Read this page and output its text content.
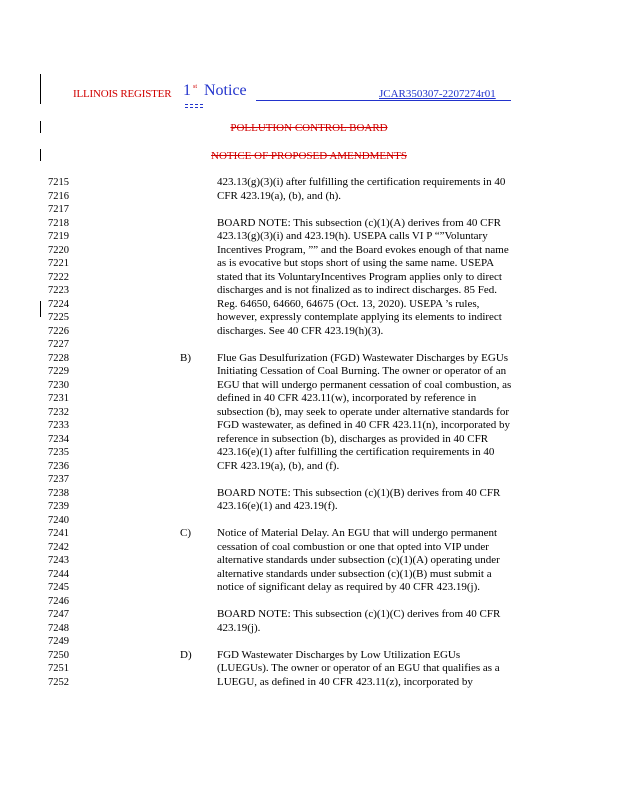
ILLINOIS REGISTER 1 st Notice	JCAR350307-2207274r01
POLLUTION CONTROL BOARD
NOTICE OF PROPOSED AMENDMENTS
7215	423.13(g)(3)(i) after fulfilling the certification requirements in 40
7216	CFR 423.19(a), (b), and (h).
7217
7218	BOARD NOTE: This subsection (c)(1)(A) derives from 40 CFR
7219	423.13(g)(3)(i) and 423.19(h). USEPA calls VI P “”Voluntary
7220	Incentives Program, ”” and the Board evokes enough of that name
7221	as is evocative but stops short of using the same name. USEPA
7222	stated that its VoluntaryIncentives Program applies only to direct
7223	discharges and is not finalized as to indirect discharges. 85 Fed.
7224	Reg. 64650, 64660, 64675 (Oct. 13, 2020). USEPA ’s rules,
7225	however, expressly contemplate applying its elements to indirect
7226	discharges. See 40 CFR 423.19(h)(3).
7227
7228	B)	Flue Gas Desulfurization (FGD) Wastewater Discharges by EGUs
7229	Initiating Cessation of Coal Burning. The owner or operator of an
7230	EGU that will undergo permanent cessation of coal combustion, as
7231	defined in 40 CFR 423.11(w), incorporated by reference in
7232	subsection (b), may seek to operate under alternative standards for
7233	FGD wastewater, as defined in 40 CFR 423.11(n), incorporated by
7234	reference in subsection (b), discharges as provided in 40 CFR
7235	423.16(e)(1) after fulfilling the certification requirements in 40
7236	CFR 423.19(a), (b), and (f).
7237
7238	BOARD NOTE: This subsection (c)(1)(B) derives from 40 CFR
7239	423.16(e)(1) and 423.19(f).
7240
7241	C)	Notice of Material Delay. An EGU that will undergo permanent
7242	cessation of coal combustion or one that opted into VIP under
7243	alternative standards under subsection (c)(1)(A) operating under
7244	alternative standards under subsection (c)(1)(B) must submit a
7245	notice of significant delay as required by 40 CFR 423.19(j).
7246
7247	BOARD NOTE: This subsection (c)(1)(C) derives from 40 CFR
7248	423.19(j).
7249
7250	D)	FGD Wastewater Discharges by Low Utilization EGUs
7251	(LUEGUs). The owner or operator of an EGU that qualifies as a
7252	LUEGU, as defined in 40 CFR 423.11(z), incorporated by
